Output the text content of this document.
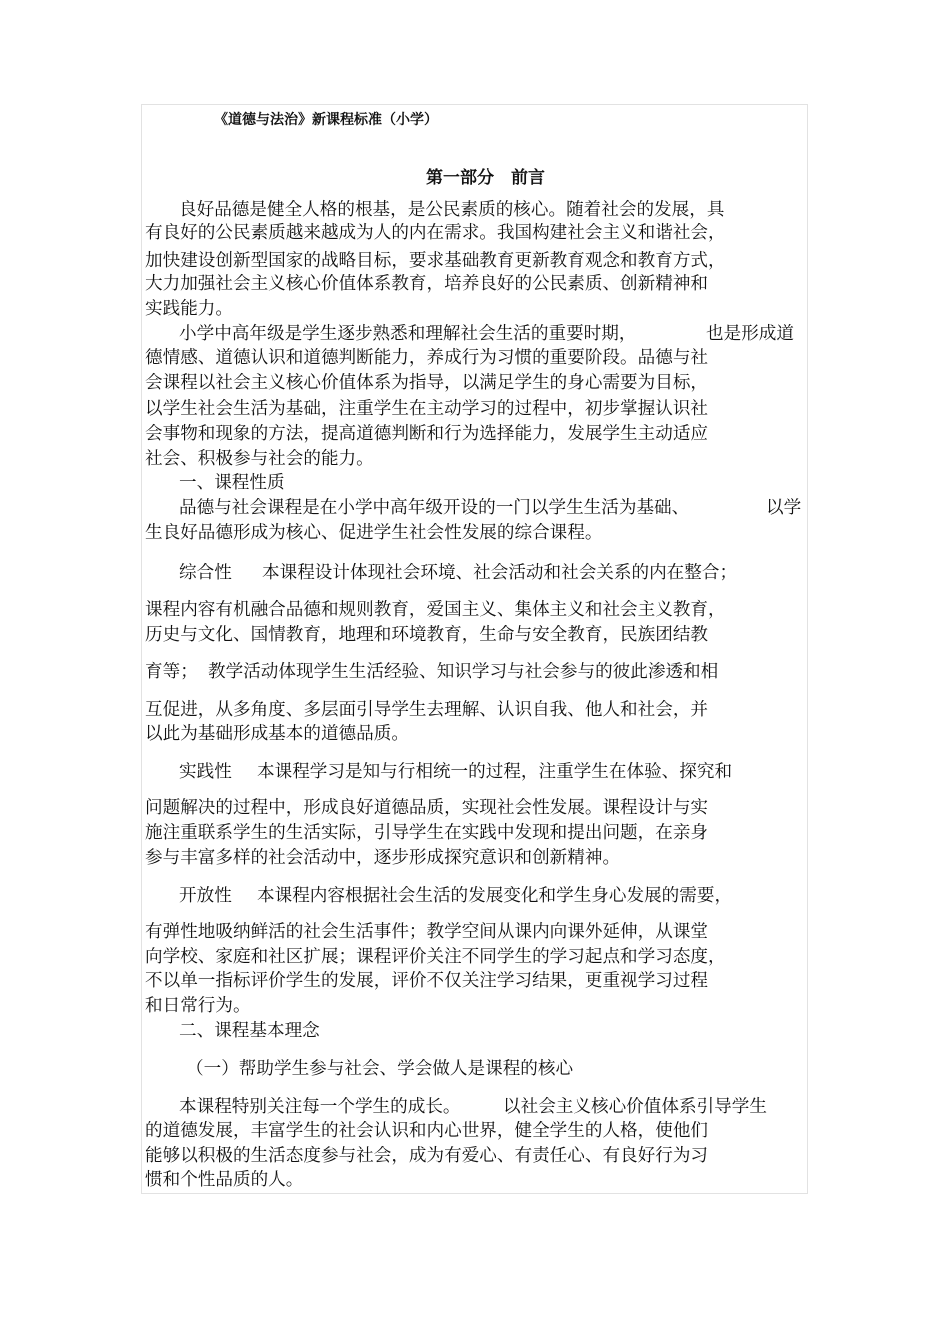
《道德与法治》新课程标准（小学）
第一部分　前言
良好品德是健全人格的根基，是公民素质的核心。随着社会的发展，具
有良好的公民素质越来越成为人的内在需求。我国构建社会主义和谐社会，
加快建设创新型国家的战略目标，要求基础教育更新教育观念和教育方式，
大力加强社会主义核心价值体系教育，培养良好的公民素质、创新精神和
实践能力。
小学中高年级是学生逐步熟悉和理解社会生活的重要时期，	也是形成道
德情感、道德认识和道德判断能力，养成行为习惯的重要阶段。品德与社
会课程以社会主义核心价值体系为指导，以满足学生的身心需要为目标，
以学生社会生活为基础，注重学生在主动学习的过程中，初步掌握认识社
会事物和现象的方法，提高道德判断和行为选择能力，发展学生主动适应
社会、积极参与社会的能力。
一、课程性质
品德与社会课程是在小学中高年级开设的一门以学生生活为基础、	以学
生良好品德形成为核心、促进学生社会性发展的综合课程。
综合性 本课程设计体现社会环境、社会活动和社会关系的内在整合；
课程内容有机融合品德和规则教育，爱国主义、集体主义和社会主义教育，
历史与文化、国情教育，地理和环境教育，生命与安全教育，民族团结教
育等； 教学活动体现学生生活经验、知识学习与社会参与的彼此渗透和相
互促进，从多角度、多层面引导学生去理解、认识自我、他人和社会，并
以此为基础形成基本的道德品质。
实践性 本课程学习是知与行相统一的过程，注重学生在体验、探究和
问题解决的过程中，形成良好道德品质，实现社会性发展。课程设计与实
施注重联系学生的生活实际，引导学生在实践中发现和提出问题，在亲身
参与丰富多样的社会活动中，逐步形成探究意识和创新精神。
开放性 本课程内容根据社会生活的发展变化和学生身心发展的需要，
有弹性地吸纳鲜活的社会生活事件；教学空间从课内向课外延伸，从课堂
向学校、家庭和社区扩展；课程评价关注不同学生的学习起点和学习态度，
不以单一指标评价学生的发展，评价不仅关注学习结果，更重视学习过程
和日常行为。
二、课程基本理念
（一）帮助学生参与社会、学会做人是课程的核心
本课程特别关注每一个学生的成长。 以社会主义核心价值体系引导学生
的道德发展，丰富学生的社会认识和内心世界，健全学生的人格，使他们
能够以积极的生活态度参与社会，成为有爱心、有责任心、有良好行为习
惯和个性品质的人。
